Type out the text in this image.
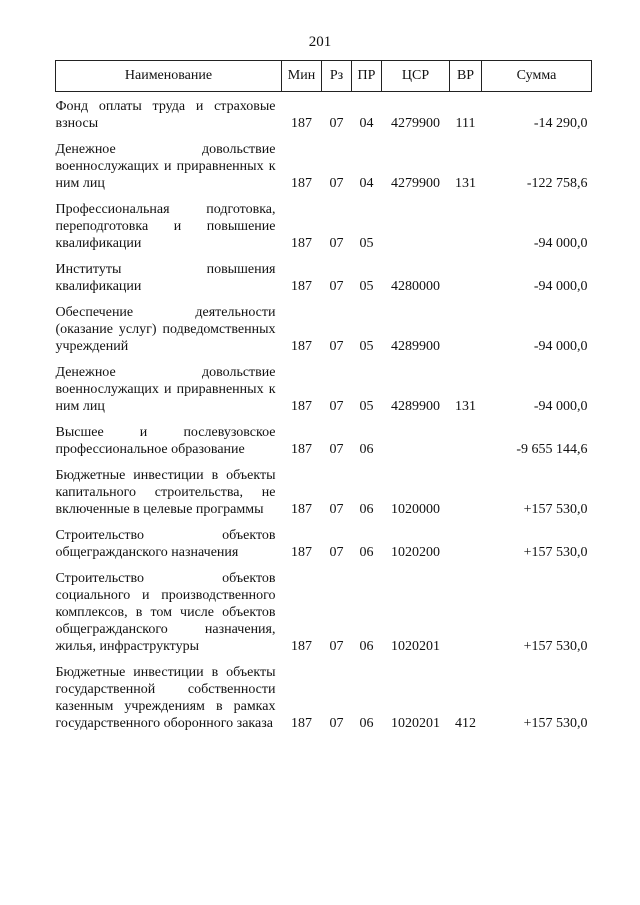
201
Наименование	Мин	Рз	ПР	ЦСР	ВР	Сумма
Фонд оплаты труда и страховые взносы	187	07	04	4279900	111	-14 290,0
Денежное довольствие военнослужащих и приравненных к ним лиц	187	07	04	4279900	131	-122 758,6
Профессиональная подготовка, переподготовка и повышение квалификации	187	07	05			-94 000,0
Институты повышения квалификации	187	07	05	4280000		-94 000,0
Обеспечение деятельности (оказание услуг) подведомственных учреждений	187	07	05	4289900		-94 000,0
Денежное довольствие военнослужащих и приравненных к ним лиц	187	07	05	4289900	131	-94 000,0
Высшее и послевузовское профессиональное образование	187	07	06			-9 655 144,6
Бюджетные инвестиции в объекты капитального строительства, не включенные в целевые программы	187	07	06	1020000		+157 530,0
Строительство объектов общегражданского назначения	187	07	06	1020200		+157 530,0
Строительство объектов социального и производственного комплексов, в том числе объектов общегражданского назначения, жилья, инфраструктуры	187	07	06	1020201		+157 530,0
Бюджетные инвестиции в объекты государственной собственности казенным учреждениям в рамках государственного оборонного заказа	187	07	06	1020201	412	+157 530,0
